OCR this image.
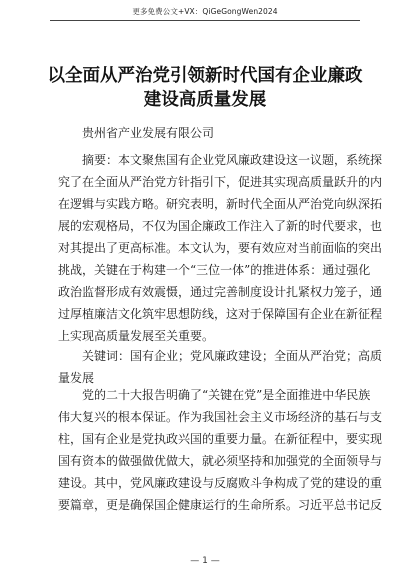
更多免费公文+VX：QiGeGongWen2024
以全面从严治党引领新时代国有企业廉政
建设高质量发展
贵州省产业发展有限公司
摘要：本文聚焦国有企业党风廉政建设这一议题，系统探
究了在全面从严治党方针指引下，促进其实现高质量跃升的内
在逻辑与实践方略。研究表明，新时代全面从严治党向纵深拓
展的宏观格局，不仅为国企廉政工作注入了新的时代要求，也
对其提出了更高标准。本文认为，要有效应对当前面临的突出
挑战，关键在于构建一个“三位一体”的推进体系：通过强化
政治监督形成有效震慑，通过完善制度设计扎紧权力笼子，通
过厚植廉洁文化筑牢思想防线，这对于保障国有企业在新征程
上实现高质量发展至关重要。
关键词：国有企业；党风廉政建设；全面从严治党；高质
量发展
党的二十大报告明确了“关键在党”是全面推进中华民族
伟大复兴的根本保证。作为我国社会主义市场经济的基石与支
柱，国有企业是党执政兴国的重要力量。在新征程中，要实现
国有资本的做强做优做大，就必须坚持和加强党的全面领导与
建设。其中，党风廉政建设与反腐败斗争构成了党的建设的重
要篇章，更是确保国企健康运行的生命所系。习近平总书记反
— 1 —
